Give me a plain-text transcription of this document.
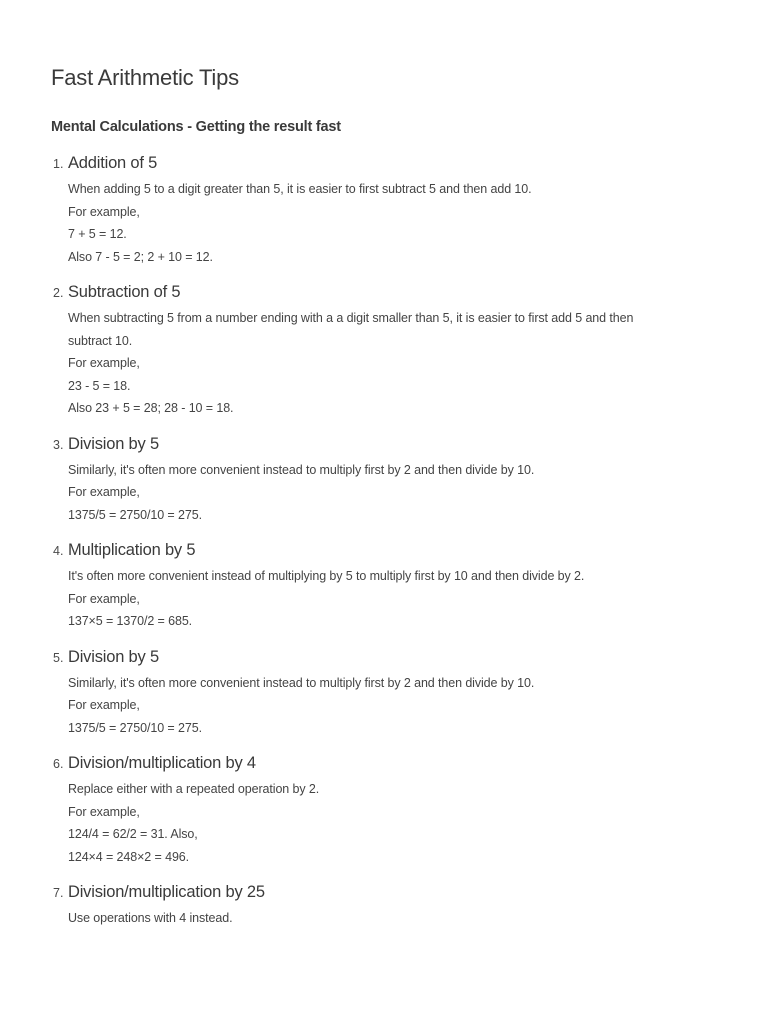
Fast Arithmetic Tips
Mental Calculations - Getting the result fast
1. Addition of 5
When adding 5 to a digit greater than 5, it is easier to first subtract 5 and then add 10.
For example,
7 + 5 = 12.
Also 7 - 5 = 2; 2 + 10 = 12.
2. Subtraction of 5
When subtracting 5 from a number ending with a a digit smaller than 5, it is easier to first add 5 and then
subtract 10.
For example,
23 - 5 = 18.
Also 23 + 5 = 28; 28 - 10 = 18.
3. Division by 5
Similarly, it's often more convenient instead to multiply first by 2 and then divide by 10.
For example,
1375/5 = 2750/10 = 275.
4. Multiplication by 5
It's often more convenient instead of multiplying by 5 to multiply first by 10 and then divide by 2.
For example,
137×5 = 1370/2 = 685.
5. Division by 5
Similarly, it's often more convenient instead to multiply first by 2 and then divide by 10.
For example,
1375/5 = 2750/10 = 275.
6. Division/multiplication by 4
Replace either with a repeated operation by 2.
For example,
124/4 = 62/2 = 31. Also,
124×4 = 248×2 = 496.
7. Division/multiplication by 25
Use operations with 4 instead.
